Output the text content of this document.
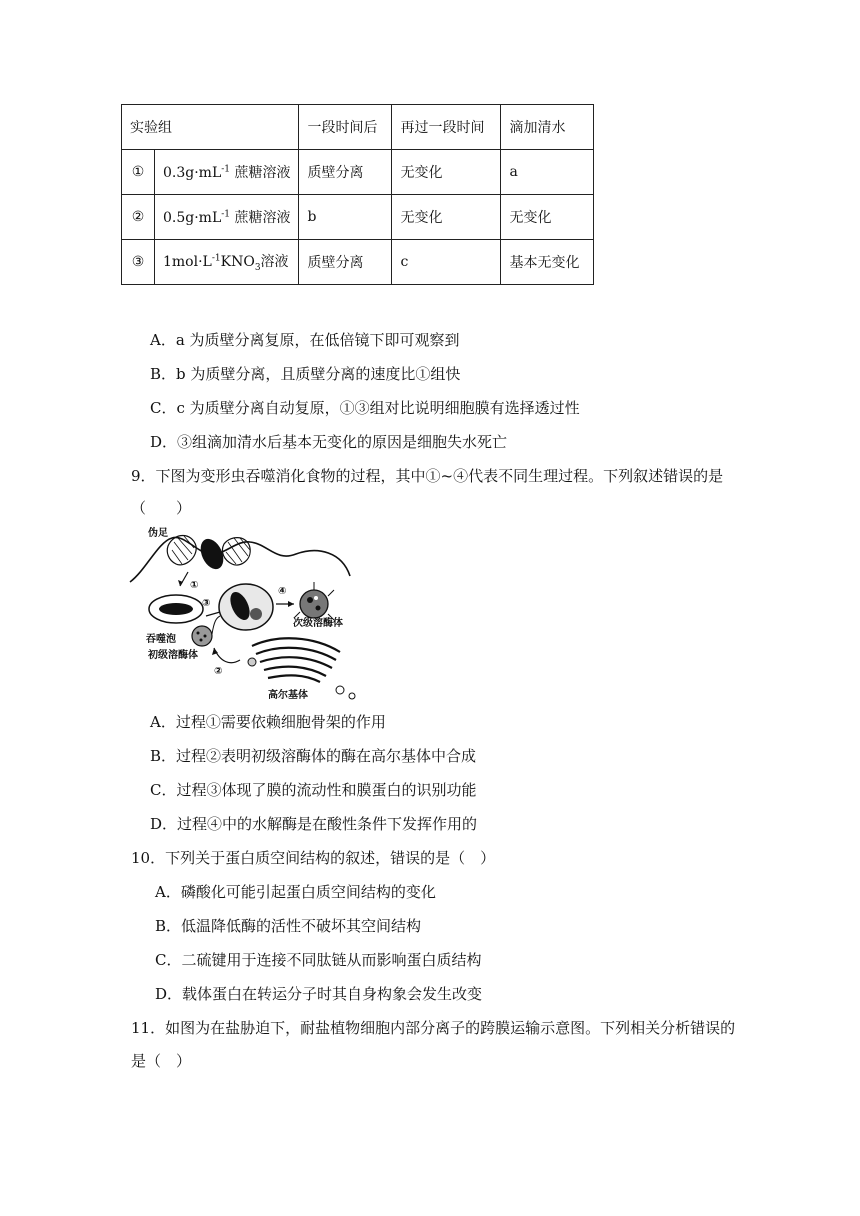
实验组		一段时间后	再过一段时间	滴加清水
①	$0.3g\cdot mL^{-1}$ 蔗糖溶液	质壁分离	无变化	a
②	$0.5g\cdot mL^{-1}$ 蔗糖溶液	b	无变化	无变化
③	$1mol\cdot L^{-1}KNO_3$溶液	质壁分离	c	基本无变化
A．a 为质壁分离复原，在低倍镜下即可观察到
B．b 为质壁分离，且质壁分离的速度比①组快
C．c 为质壁分离自动复原，①③组对比说明细胞膜有选择透过性
D．③组滴加清水后基本无变化的原因是细胞失水死亡
9．下图为变形虫吞噬消化食物的过程，其中①~④代表不同生理过程。下列叙述错误的是
（　　）
伪足
①
吞噬泡
③
④
次级溶酶体
初级溶酶体
②
高尔基体
A．过程①需要依赖细胞骨架的作用
B．过程②表明初级溶酶体的酶在高尔基体中合成
C．过程③体现了膜的流动性和膜蛋白的识别功能
D．过程④中的水解酶是在酸性条件下发挥作用的
10．下列关于蛋白质空间结构的叙述，错误的是（　）
A．磷酸化可能引起蛋白质空间结构的变化
B．低温降低酶的活性不破坏其空间结构
C．二硫键用于连接不同肽链从而影响蛋白质结构
D．载体蛋白在转运分子时其自身构象会发生改变
11．如图为在盐胁迫下，耐盐植物细胞内部分离子的跨膜运输示意图。下列相关分析错误的
是（　）
